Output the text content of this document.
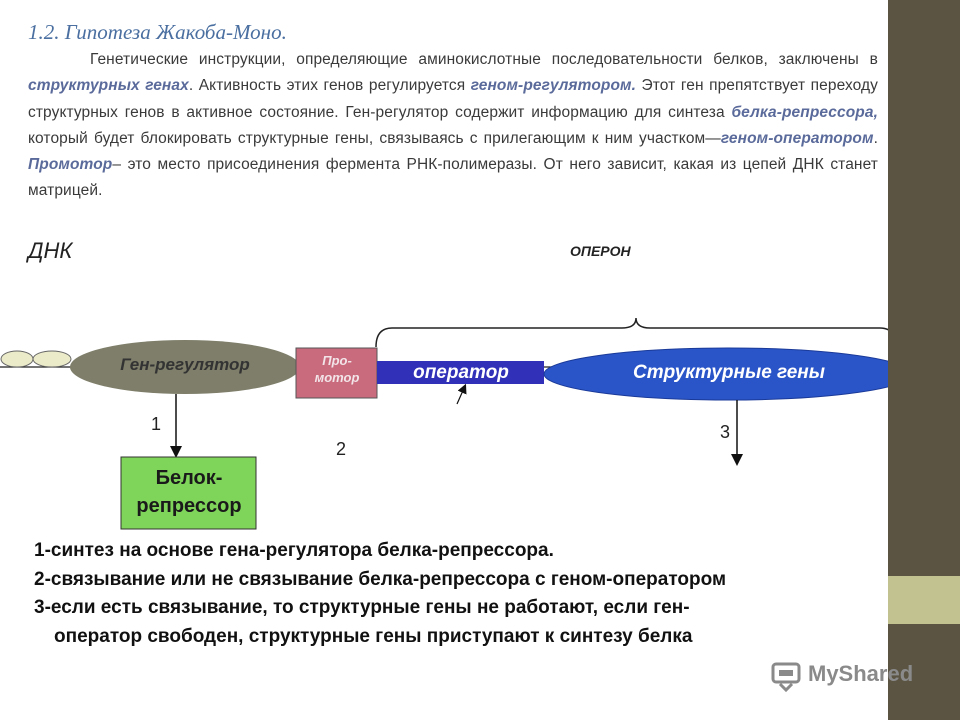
1.2. Гипотеза Жакоба-Моно.
Генетические инструкции, определяющие аминокислотные последовательности белков, заключены в структурных генах. Активность этих генов регулируется геном-регулятором. Этот ген препятствует переходу структурных генов в активное состояние. Ген-регулятор содержит информацию для синтеза белка-репрессора, который будет блокировать структурные гены, связываясь с прилегающим к ним участком—геном-оператором. Промотор– это место присоединения фермента РНК-полимеразы. От него зависит, какая из цепей ДНК станет матрицей.
ДНК	ОПЕРОН
Ген-регулятор	Про-
мотор	оператор	Структурные гены
Белок-
репрессор
1
2
3
1-синтез на основе гена-регулятора белка-репрессора.
2-связывание или не связывание белка-репрессора с геном-оператором
3-если есть связывание, то структурные гены не работают, если ген-
оператор свободен, структурные гены приступают к синтезу белка
MyShared
